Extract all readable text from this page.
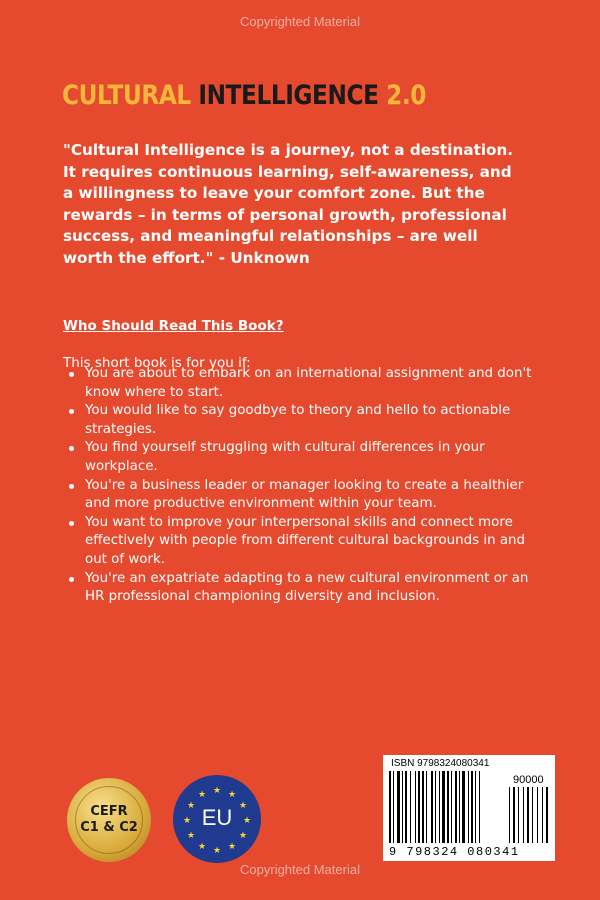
Copyrighted Material
CULTURAL INTELLIGENCE 2.0

"Cultural Intelligence is a journey, not a destination. It requires continuous learning, self-awareness, and a willingness to leave your comfort zone. But the rewards – in terms of personal growth, professional success, and meaningful relationships – are well worth the effort." - Unknown

Who Should Read This Book?

This short book is for you if:

You are about to embark on an international assignment and don't know where to start.
You would like to say goodbye to theory and hello to actionable strategies.
You find yourself struggling with cultural differences in your workplace.
You're a business leader or manager looking to create a healthier and more productive environment within your team.
You want to improve your interpersonal skills and connect more effectively with people from different cultural backgrounds in and out of work.
You're an expatriate adapting to a new cultural environment or an HR professional championing diversity and inclusion.
CEFR
C1 & C2	★
★
★
★
★
★
★
★
★ ★ ★
★
EU
ISBN 9798324080341
90000
9 798324 080341
Copyrighted Material
